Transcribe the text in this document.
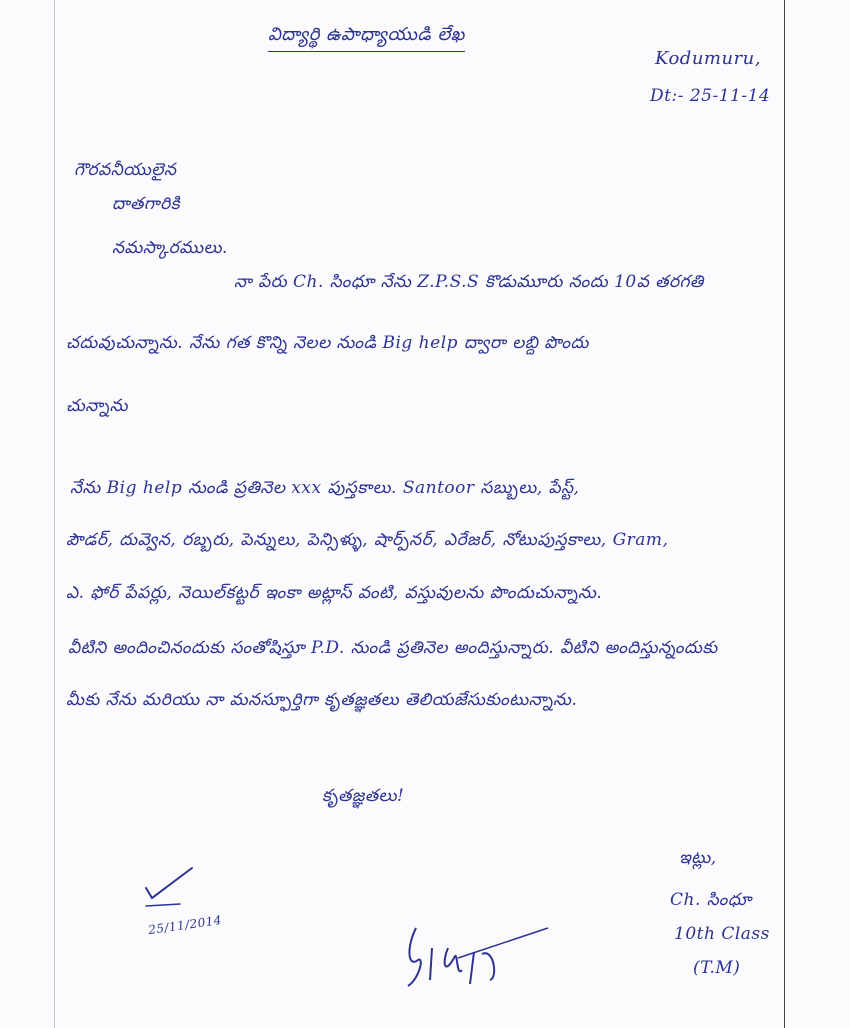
విద్యార్థి ఉపాధ్యాయుడి లేఖ
Kodumuru,
Dt:- 25-11-14
గౌరవనీయులైన
దాతగారికి
నమస్కారములు.
నా పేరు Ch. సింధూ నేను Z.P.S.S కొడుమూరు నందు 10వ తరగతి
చదువుచున్నాను. నేను గత కొన్ని నెలల నుండి Big help ద్వారా లబ్ది పొందు
చున్నాను
నేను Big help నుండి ప్రతినెల xxx పుస్తకాలు. Santoor సబ్బులు, పేస్ట్,
పౌడర్, దువ్వెన, రబ్బరు, పెన్నులు, పెన్సిళ్ళు, షార్ప్‌నర్, ఎరేజర్, నోటుపుస్తకాలు, Gram,
ఎ. ఫోర్ పేపర్లు, నెయిల్‌కట్టర్ ఇంకా అట్లాస్ వంటి, వస్తువులను పొందుచున్నాను.
వీటిని అందించినందుకు సంతోషిస్తూ P.D. నుండి ప్రతినెల అందిస్తున్నారు. వీటిని అందిస్తున్నందుకు
మీకు నేను మరియు నా మనస్ఫూర్తిగా కృతజ్ఞతలు తెలియజేసుకుంటున్నాను.
కృతజ్ఞతలు!
ఇట్లు,
Ch. సింధూ
10th Class
(T.M)
25/11/2014
